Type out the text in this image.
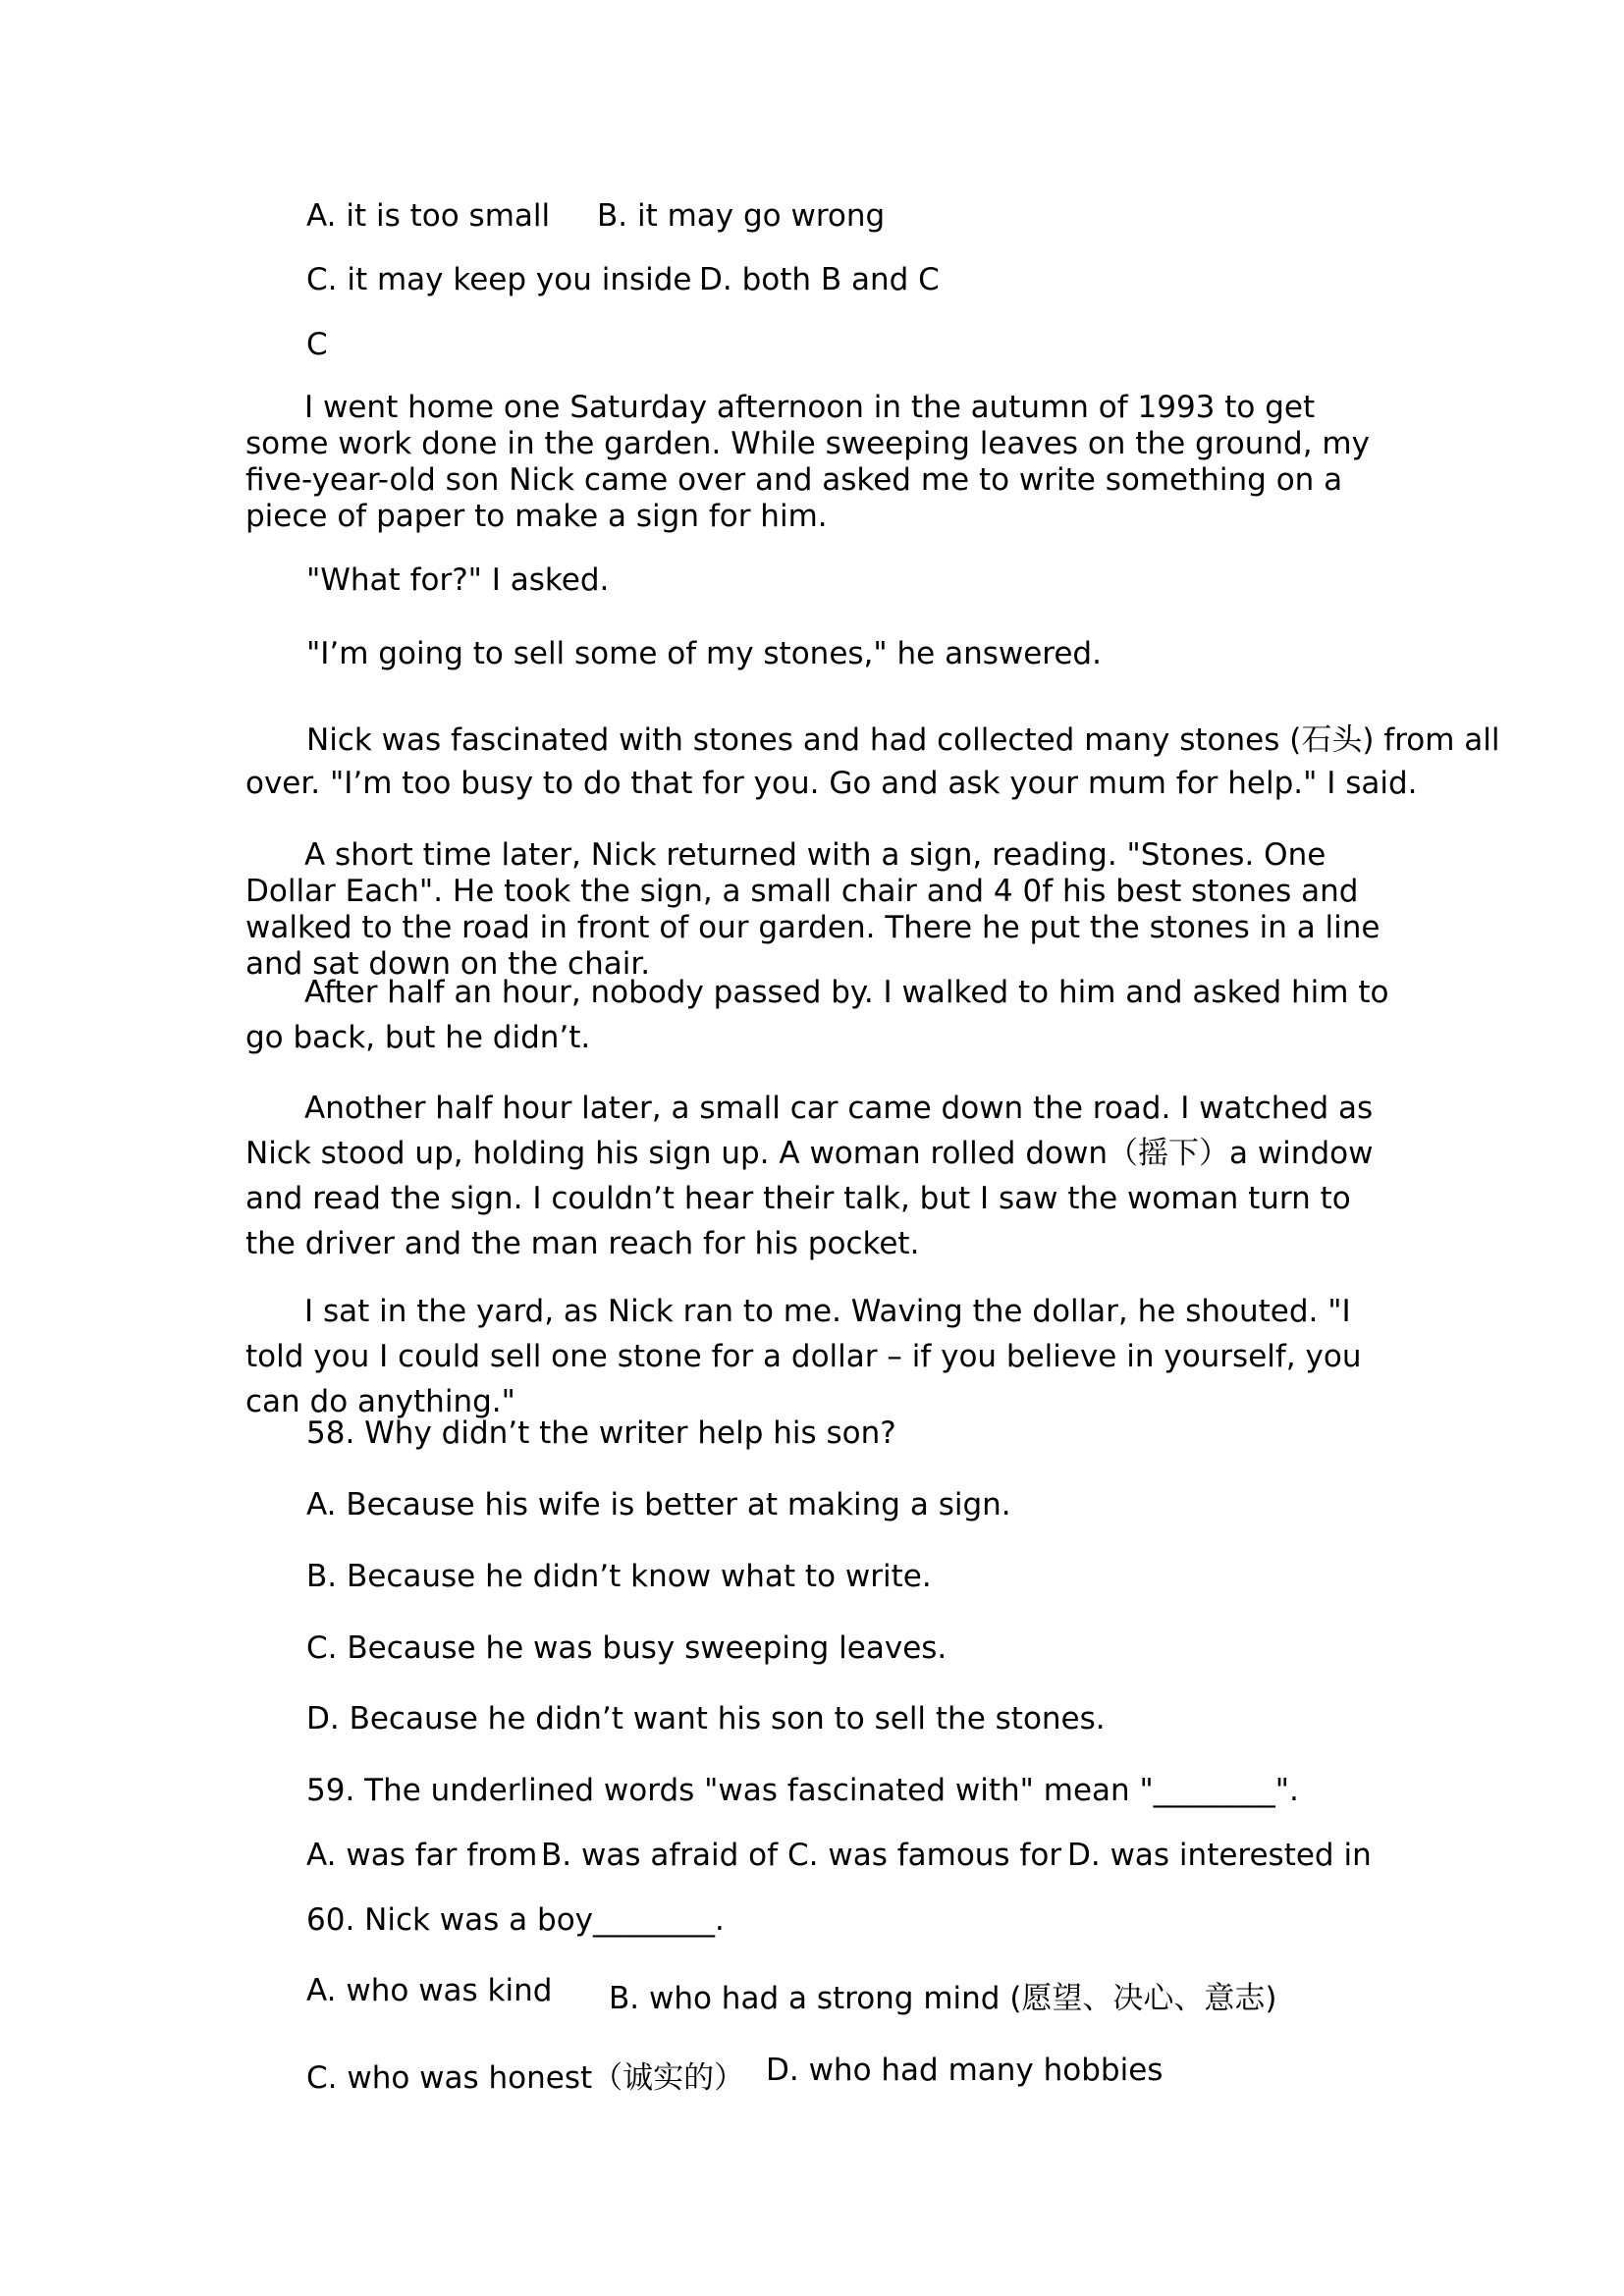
A. it is too small B. it may go wrong
C. it may keep you inside D. both B and C
C
I went home one Saturday afternoon in the autumn of 1993 to get some work done in the garden. While sweeping leaves on the ground, my five-year-old son Nick came over and asked me to write something on a piece of paper to make a sign for him.
"What for?" I asked.
"I’m going to sell some of my stones," he answered.
Nick was fascinated with stones and had collected many stones (石头) from all
over. "I’m too busy to do that for you. Go and ask your mum for help." I said.
A short time later, Nick returned with a sign, reading. "Stones. One Dollar Each". He took the sign, a small chair and 4 0f his best stones and walked to the road in front of our garden. There he put the stones in a line and sat down on the chair.
After half an hour, nobody passed by. I walked to him and asked him to go back, but he didn’t.
Another half hour later, a small car came down the road. I watched as Nick stood up, holding his sign up. A woman rolled down（摇下）a window and read the sign. I couldn’t hear their talk, but I saw the woman turn to the driver and the man reach for his pocket.
I sat in the yard, as Nick ran to me. Waving the dollar, he shouted. "I told you I could sell one stone for a dollar – if you believe in yourself, you can do anything."
58. Why didn’t the writer help his son?
A. Because his wife is better at making a sign.
B. Because he didn’t know what to write.
C. Because he was busy sweeping leaves.
D. Because he didn’t want his son to sell the stones.
59. The underlined words "was fascinated with" mean "________".
A. was far from B. was afraid of C. was famous for D. was interested in
60. Nick was a boy________.
A. who was kind B. who had a strong mind (愿望、决心、意志)
C. who was honest（诚实的） D. who had many hobbies
